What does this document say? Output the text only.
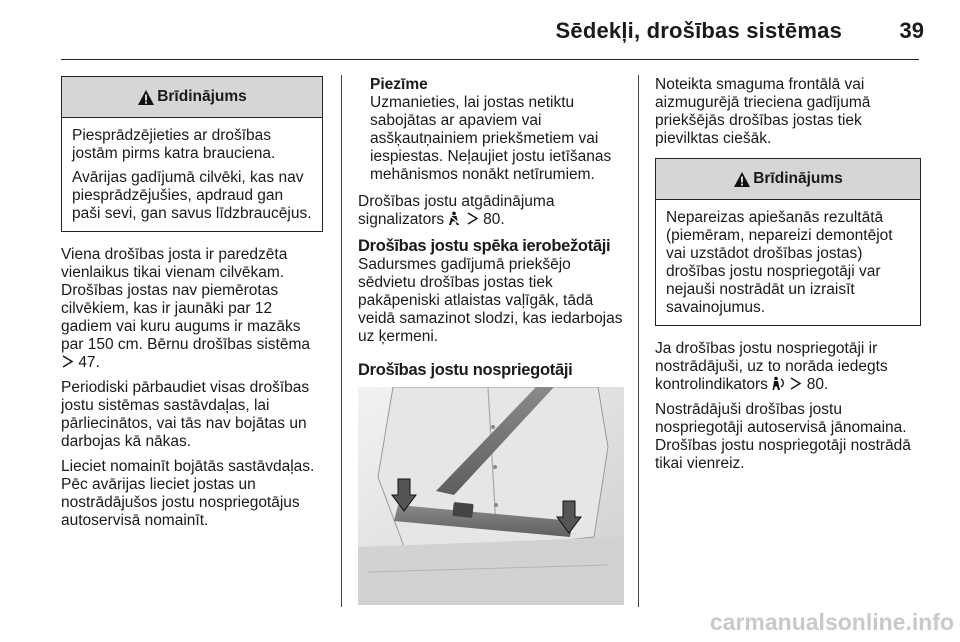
Sēdekļi, drošības sistēmas	39
Brīdinājums

Piesprādzējieties ar drošības jostām pirms katra brauciena.

Avārijas gadījumā cilvēki, kas nav piesprādzējušies, apdraud gan paši sevi, gan savus līdzbraucējus.

Viena drošības josta ir paredzēta vienlaikus tikai vienam cilvēkam. Drošības jostas nav piemērotas cilvēkiem, kas ir jaunāki par 12 gadiem vai kuru augums ir mazāks par 150 cm. Bērnu drošības sistēma
47.

Periodiski pārbaudiet visas drošības jostu sistēmas sastāvdaļas, lai pārliecinātos, vai tās nav bojātas un darbojas kā nākas.

Lieciet nomainīt bojātās sastāvdaļas. Pēc avārijas lieciet jostas un nostrādājušos jostu nospriegotājus autoservisā nomainīt.

Piezīme
Uzmanieties, lai jostas netiktu sabojātas ar apaviem vai asšķautņainiem priekšmetiem vai iespiestas. Neļaujiet jostu ietīšanas mehānismos nonākt netīrumiem.

Drošības jostu atgādinājuma signalizators	80.

Drošības jostu spēka ierobežotāji

Sadursmes gadījumā priekšējo sēdvietu drošības jostas tiek pakāpeniski atlaistas vaļīgāk, tādā veidā samazinot slodzi, kas iedarbojas uz ķermeni.

Drošības jostu nospriegotāji

Noteikta smaguma frontālā vai aizmugurējā trieciena gadījumā priekšējās drošības jostas tiek pievilktas ciešāk.

Brīdinājums

Nepareizas apiešanās rezultātā (piemēram, nepareizi demontējot vai uzstādot drošības jostas) drošības jostu nospriegotāji var nejauši nostrādāt un izraisīt savainojumus.

Ja drošības jostu nospriegotāji ir nostrādājuši, uz to norāda iedegts kontrolindikators	80.

Nostrādājuši drošības jostu nospriegotāji autoservisā jānomaina. Drošības jostu nospriegotāji nostrādā tikai vienreiz.

carmanualsonline.info
